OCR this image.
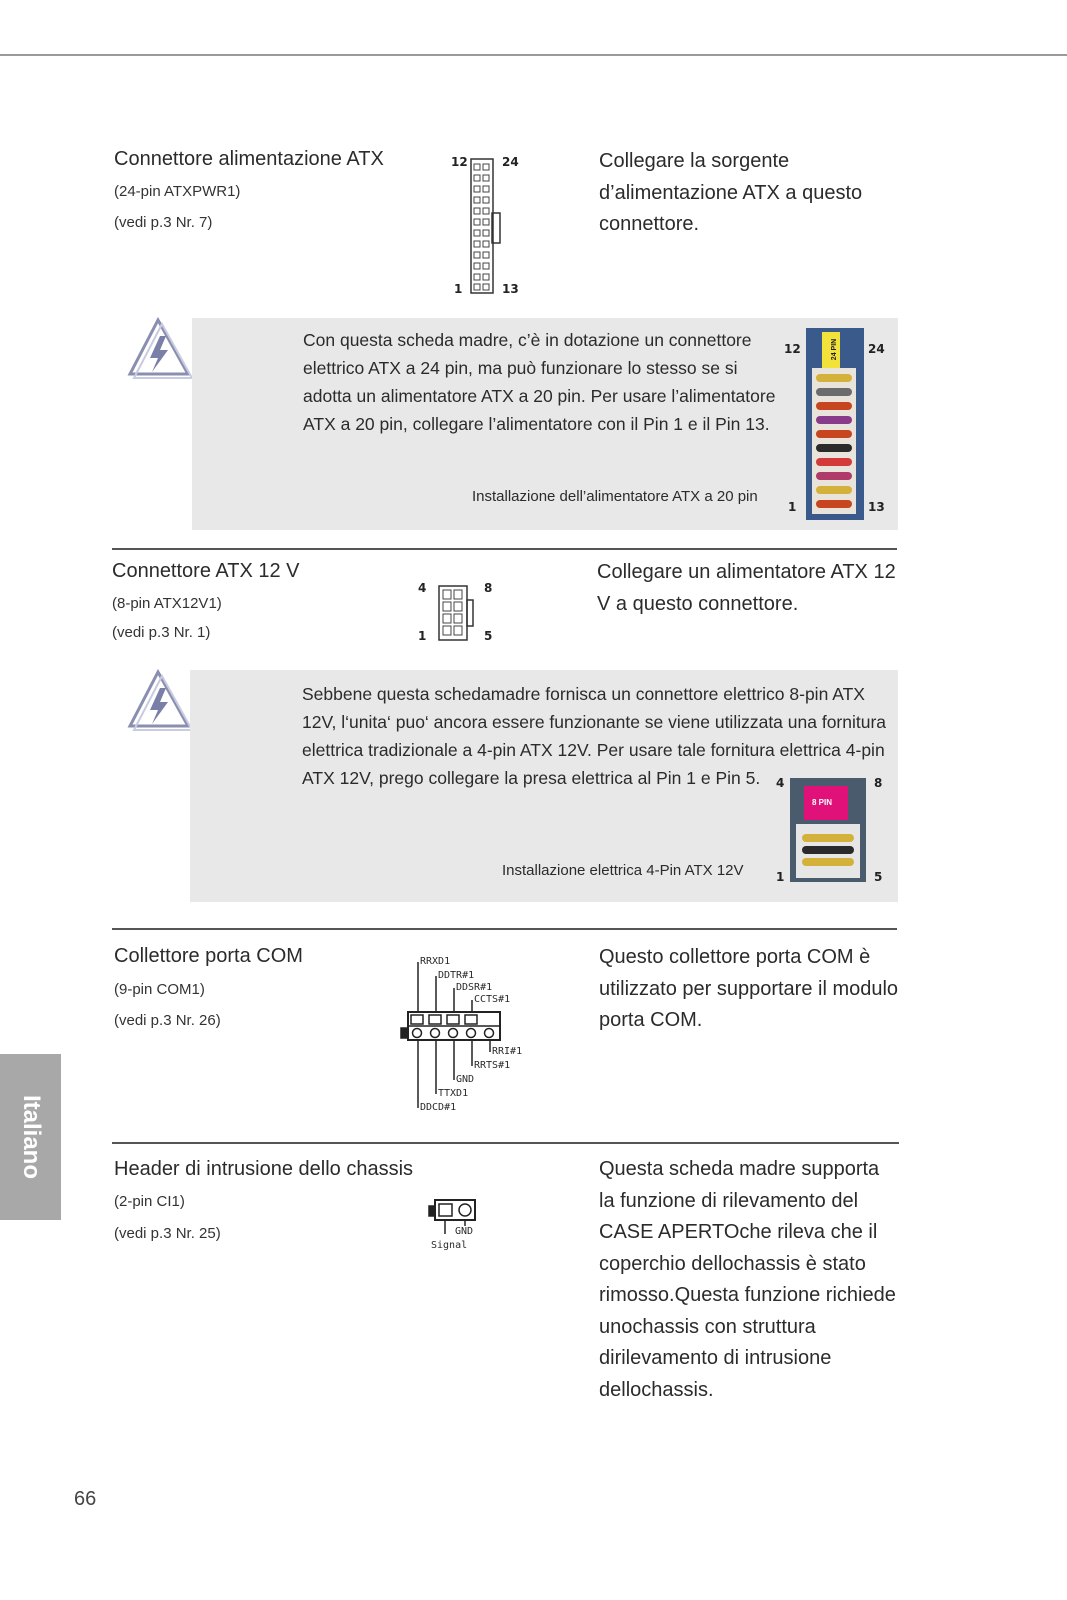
Connettore alimentazione ATX
(24-pin ATXPWR1)
(vedi p.3 Nr. 7)
12	24
1	13
Collegare la sorgente d’alimentazione ATX a questo connettore.
Con questa scheda madre, c’è in dotazione un connettore elettrico ATX a 24 pin, ma può funzionare lo stesso se si adotta un alimentatore ATX a 20 pin. Per usare l’alimentatore ATX a 20 pin, collegare l’alimentatore con il Pin 1 e il Pin 13.
Installazione dell’alimentatore ATX a 20 pin
12	24
1	13
24 PIN
Connettore ATX 12 V
(8-pin ATX12V1)
(vedi p.3 Nr. 1)
4	8
1	5
Collegare un alimentatore ATX 12 V a questo connettore.
Sebbene questa schedamadre fornisca un connettore elettrico 8-pin ATX 12V, l‘unita‘ puo‘ ancora essere funzionante se viene utilizzata una fornitura elettrica tradizionale a 4-pin ATX 12V. Per usare tale fornitura elettrica 4-pin ATX 12V, prego collegare la presa elettrica al Pin 1 e Pin 5.
Installazione elettrica 4-Pin ATX 12V
4	8
1	5
8 PIN
Collettore porta COM
(9-pin COM1)
(vedi p.3 Nr. 26)
RRXD1
DDTR#1
DDSR#1
CCTS#1
RRI#1
RRTS#1
GND
TTXD1
DDCD#1
Questo collettore porta COM è utilizzato per supportare il modulo porta COM.
Header di intrusione dello chassis
(2-pin CI1)
(vedi p.3 Nr. 25)	GND
Signal
Questa scheda madre supporta la funzione di rilevamento del CASE APERTOche rileva che il coperchio dellochassis è stato rimosso.Questa funzione richiede unochassis con struttura dirilevamento di intrusione dellochassis.
Italiano
66
